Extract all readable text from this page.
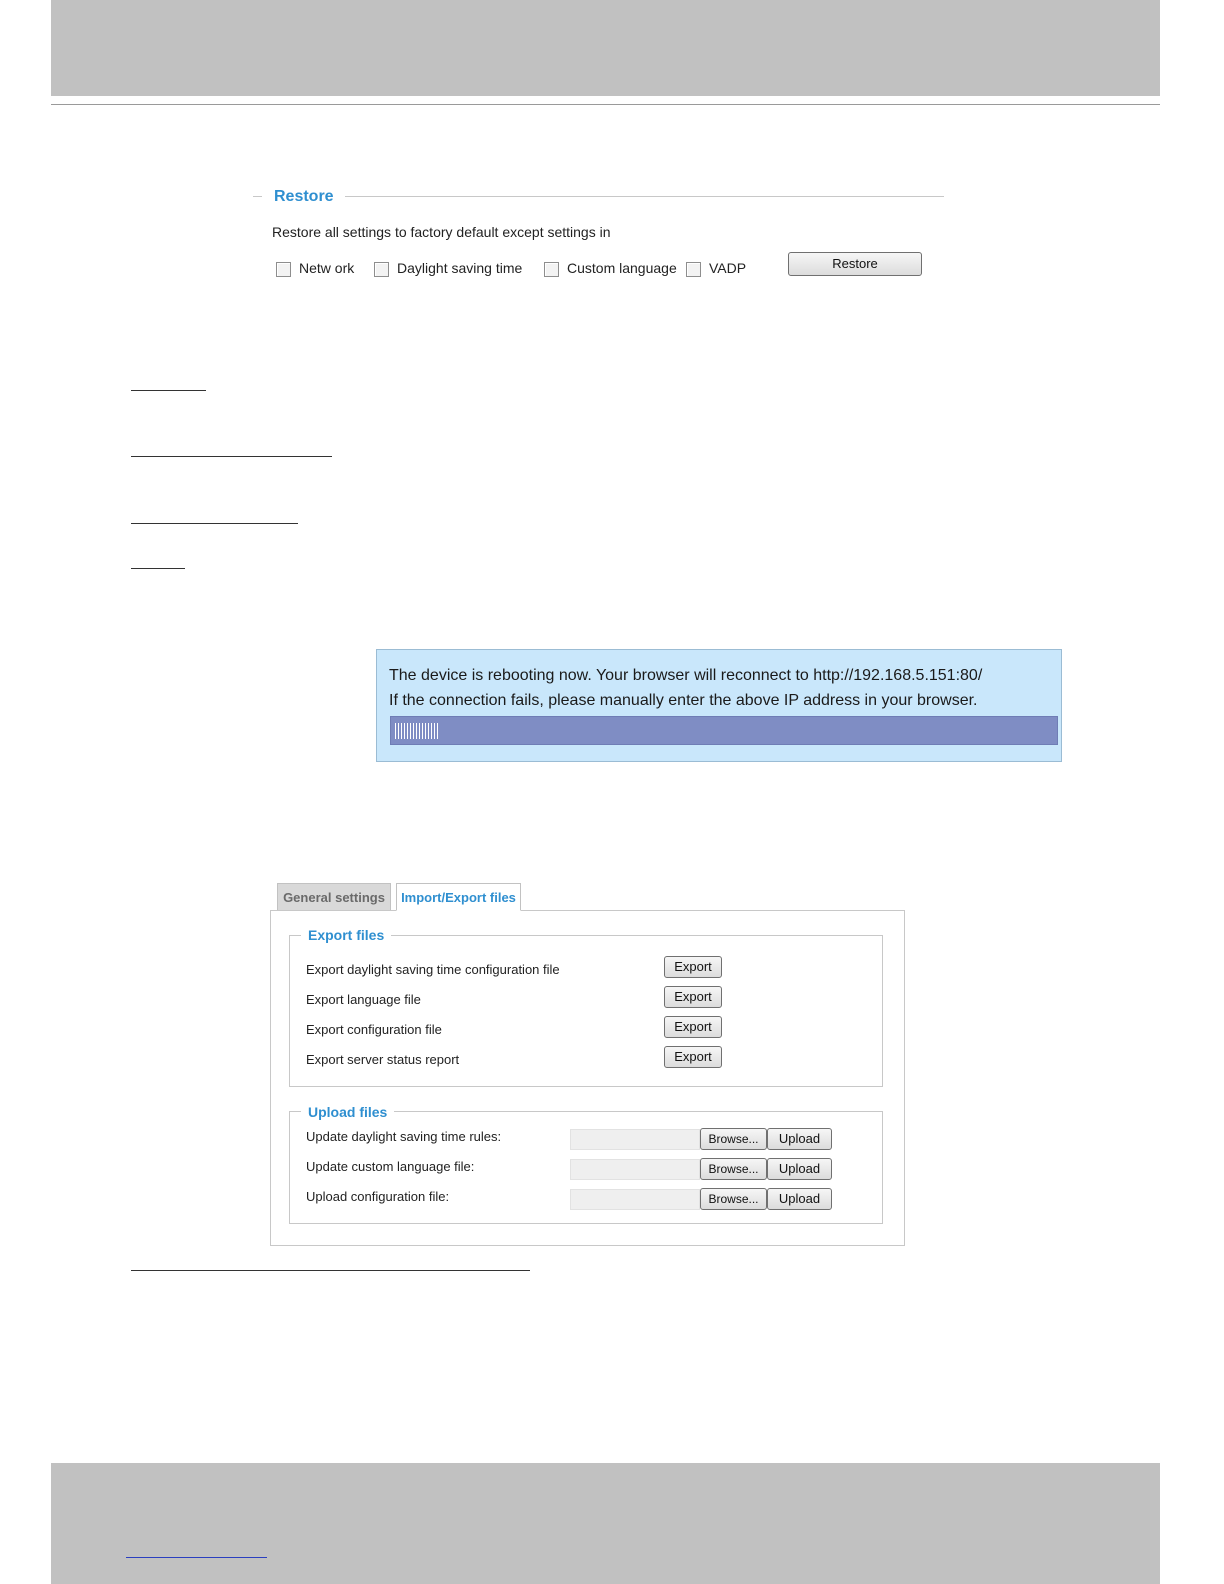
Restore
Restore all settings to factory default except settings in
Netw ork	Daylight saving time	Custom language VADP	Restore
The device is rebooting now. Your browser will reconnect to http://192.168.5.151:80/
If the connection fails, please manually enter the above IP address in your browser.
General settings	Import/Export files
Export files
Export daylight saving time configuration file	Export
Export language file	Export
Export configuration file	Export
Export server status report	Export
Upload files
Update daylight saving time rules:	Browse...	Upload
Update custom language file:	Browse...	Upload
Upload configuration file:	Browse...	Upload
